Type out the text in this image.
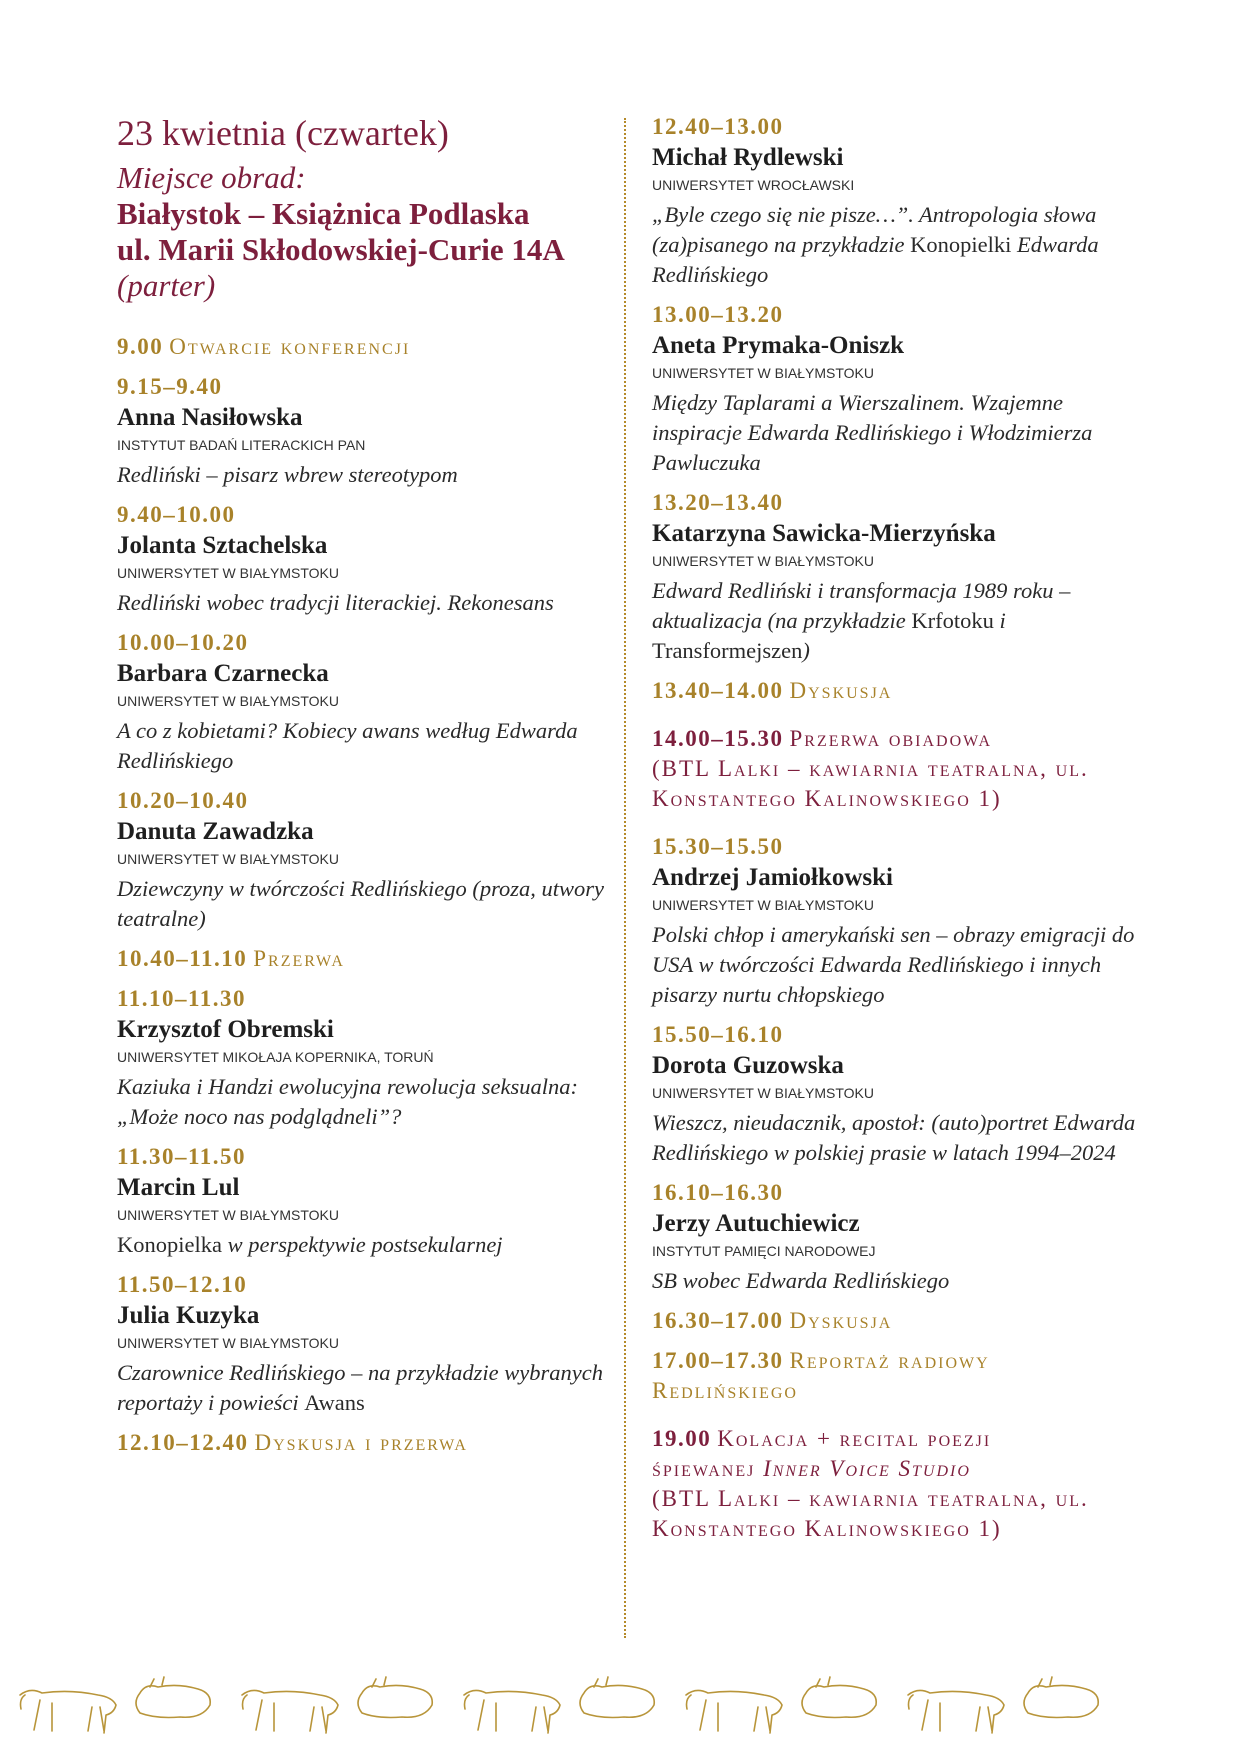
23 kwietnia (czwartek)
Miejsce obrad:
Białystok – Książnica Podlaska
ul. Marii Skłodowskiej-Curie 14A
(parter)
9.00 Otwarcie konferencji
9.15–9.40
Anna Nasiłowska
INSTYTUT BADAŃ LITERACKICH PAN
Redliński – pisarz wbrew stereotypom
9.40–10.00
Jolanta Sztachelska
UNIWERSYTET W BIAŁYMSTOKU
Redliński wobec tradycji literackiej. Rekonesans
10.00–10.20
Barbara Czarnecka
UNIWERSYTET W BIAŁYMSTOKU
A co z kobietami? Kobiecy awans według Edwarda Redlińskiego
10.20–10.40
Danuta Zawadzka
UNIWERSYTET W BIAŁYMSTOKU
Dziewczyny w twórczości Redlińskiego (proza, utwory teatralne)
10.40–11.10 Przerwa
11.10–11.30
Krzysztof Obremski
UNIWERSYTET MIKOŁAJA KOPERNIKA, TORUŃ
Kaziuka i Handzi ewolucyjna rewolucja seksualna: „Może noco nas podglądneli”?
11.30–11.50
Marcin Lul
UNIWERSYTET W BIAŁYMSTOKU
Konopielka w perspektywie postsekularnej
11.50–12.10
Julia Kuzyka
UNIWERSYTET W BIAŁYMSTOKU
Czarownice Redlińskiego – na przykładzie wybranych reportaży i powieści Awans
12.10–12.40 Dyskusja i przerwa
12.40–13.00
Michał Rydlewski
UNIWERSYTET WROCŁAWSKI
„Byle czego się nie pisze…”. Antropologia słowa (za)pisanego na przykładzie Konopielki Edwarda Redlińskiego
13.00–13.20
Aneta Prymaka-Oniszk
UNIWERSYTET W BIAŁYMSTOKU
Między Taplarami a Wierszalinem. Wzajemne inspiracje Edwarda Redlińskiego i Włodzimierza Pawluczuka
13.20–13.40
Katarzyna Sawicka-Mierzyńska
UNIWERSYTET W BIAŁYMSTOKU
Edward Redliński i transformacja 1989 roku – aktualizacja (na przykładzie Krfotoku i Transformejszen)
13.40–14.00 Dyskusja
14.00–15.30 Przerwa obiadowa
(BTL Lalki – kawiarnia teatralna, ul. Konstantego Kalinowskiego 1)
15.30–15.50
Andrzej Jamiołkowski
UNIWERSYTET W BIAŁYMSTOKU
Polski chłop i amerykański sen – obrazy emigracji do USA w twórczości Edwarda Redlińskiego i innych pisarzy nurtu chłopskiego
15.50–16.10
Dorota Guzowska
UNIWERSYTET W BIAŁYMSTOKU
Wieszcz, nieudacznik, apostoł: (auto)portret Edwarda Redlińskiego w polskiej prasie w latach 1994–2024
16.10–16.30
Jerzy Autuchiewicz
INSTYTUT PAMIĘCI NARODOWEJ
SB wobec Edwarda Redlińskiego
16.30–17.00 Dyskusja
17.00–17.30 Reportaż radiowy
Redlińskiego
19.00 Kolacja + recital poezji
śpiewanej Inner Voice Studio
(BTL Lalki – kawiarnia teatralna, ul. Konstantego Kalinowskiego 1)
